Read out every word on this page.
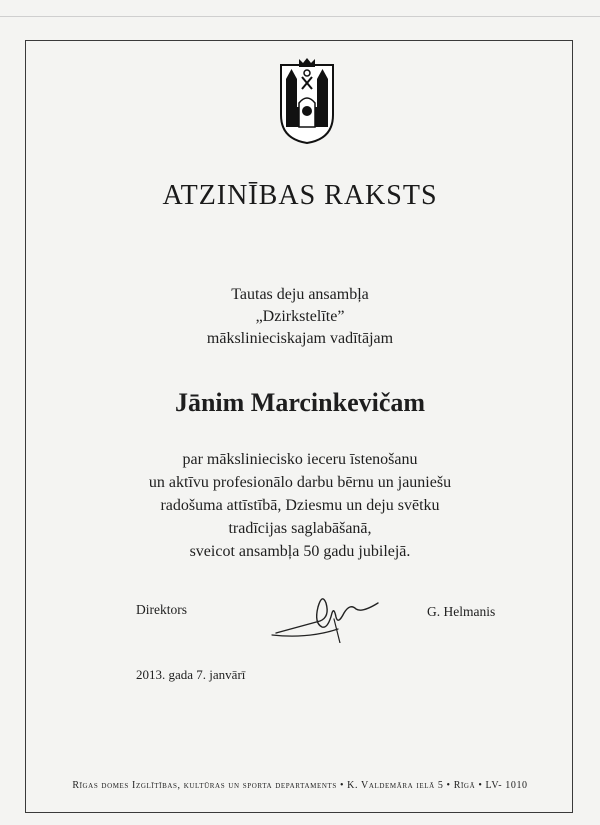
ATZINĪBAS RAKSTS
Tautas deju ansambļa
„Dzirkstelīte”
mākslinieciskajam vadītājam
Jānim Marcinkevičam
par māksliniecisko ieceru īstenošanu
un aktīvu profesionālo darbu bērnu un jauniešu
radošuma attīstībā, Dziesmu un deju svētku
tradīcijas saglabāšanā,
sveicot ansambļa 50 gadu jubilejā.
Direktors	G. Helmanis
2013. gada 7. janvārī
Rīgas domes Izglītības, kultūras un sporta departaments • K. Valdemāra ielā 5 • Rīgā • LV- 1010
